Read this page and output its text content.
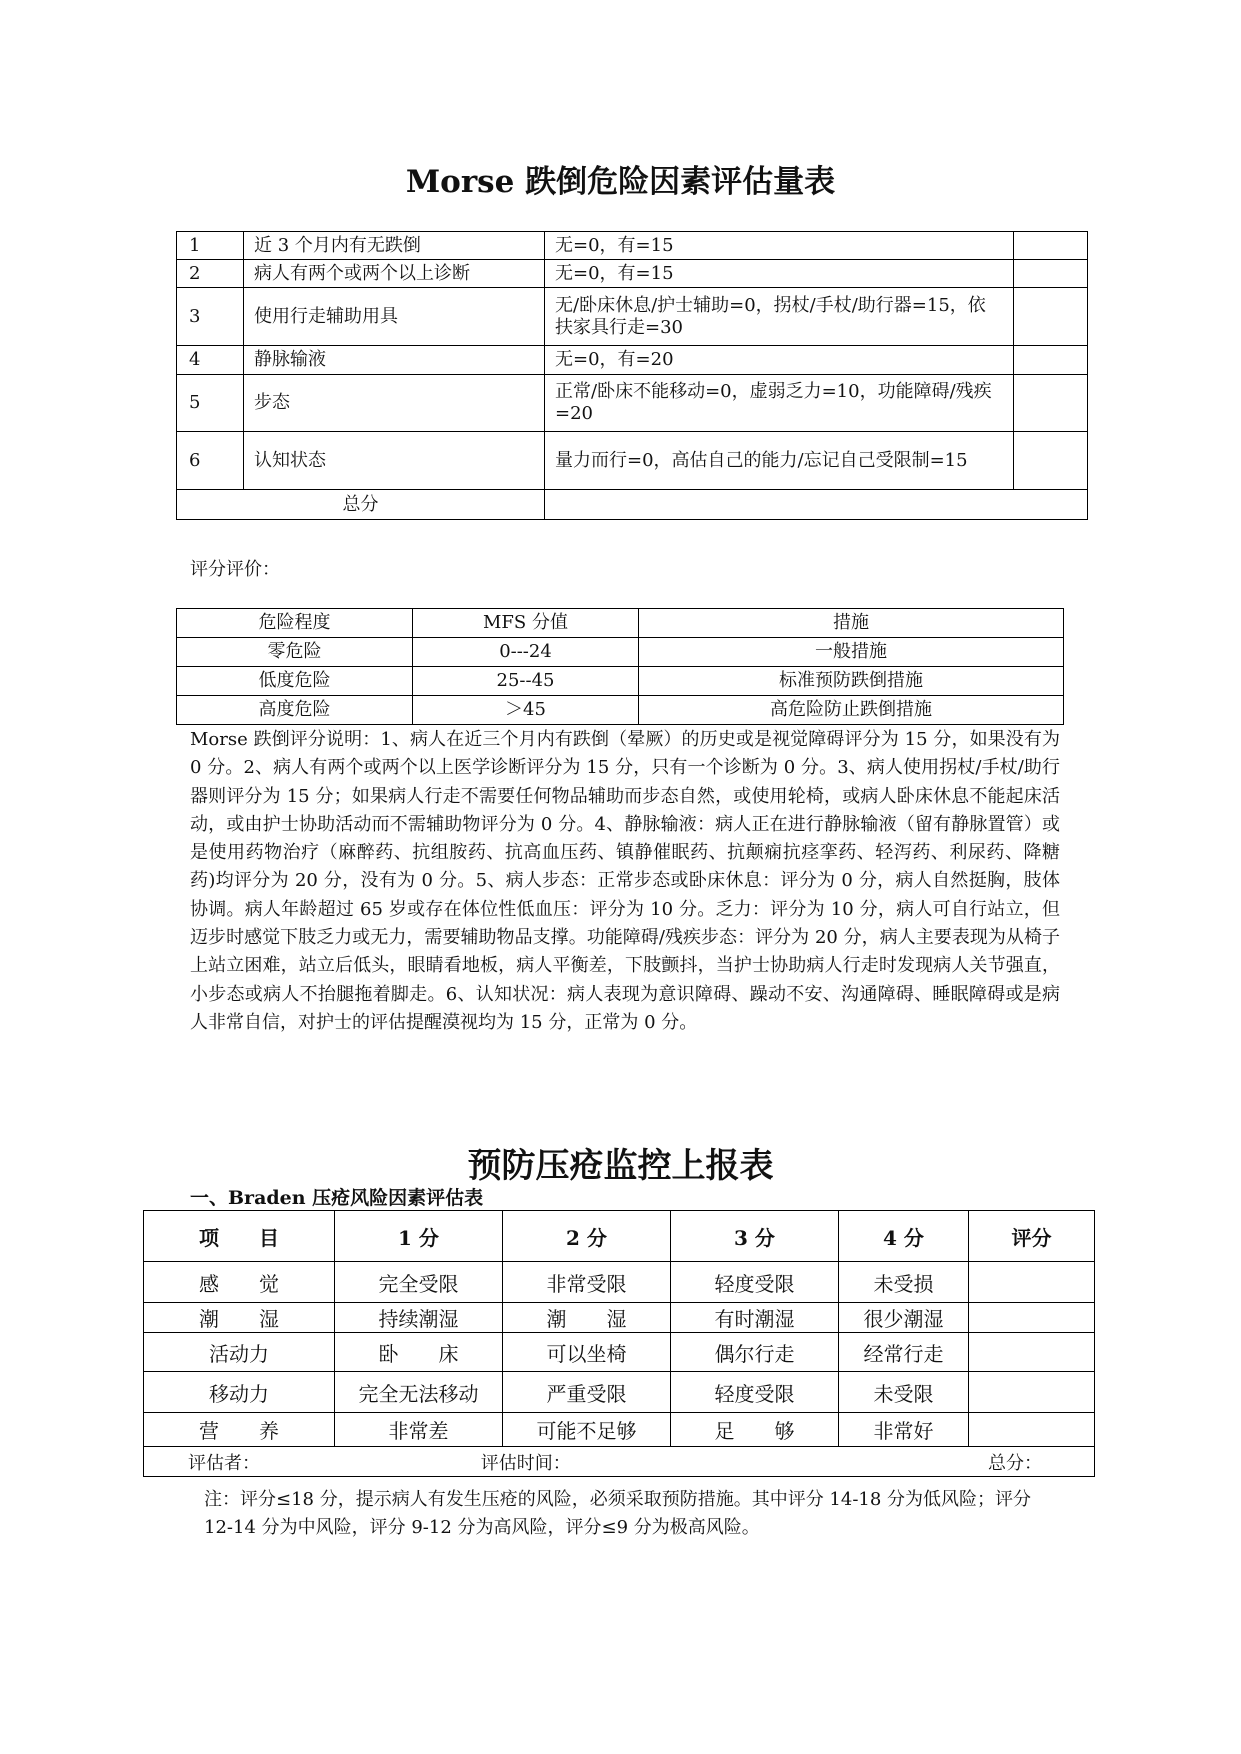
Morse 跌倒危险因素评估量表
1	近 3 个月内有无跌倒	无=0，有=15	
2	病人有两个或两个以上诊断	无=0，有=15	
3	使用行走辅助用具	无/卧床休息/护士辅助=0，拐杖/手杖/助行器=15，依扶家具行走=30	
4	静脉输液	无=0，有=20	
5	步态	正常/卧床不能移动=0，虚弱乏力=10，功能障碍/残疾=20	
6	认知状态	量力而行=0，高估自己的能力/忘记自己受限制=15	
总分			
评分评价：
危险程度	MFS 分值	措施
零危险	0---24	一般措施
低度危险	25--45	标准预防跌倒措施
高度危险	＞45	高危险防止跌倒措施
Morse 跌倒评分说明：1、病人在近三个月内有跌倒（晕厥）的历史或是视觉障碍评分为 15 分，如果没有为 0 分。2、病人有两个或两个以上医学诊断评分为 15 分，只有一个诊断为 0 分。3、病人使用拐杖/手杖/助行器则评分为 15 分；如果病人行走不需要任何物品辅助而步态自然，或使用轮椅，或病人卧床休息不能起床活动，或由护士协助活动而不需辅助物评分为 0 分。4、静脉输液：病人正在进行静脉输液（留有静脉置管）或是使用药物治疗（麻醉药、抗组胺药、抗高血压药、镇静催眠药、抗颠痫抗痉挛药、轻泻药、利尿药、降糖药)均评分为 20 分，没有为 0 分。5、病人步态：正常步态或卧床休息：评分为 0 分，病人自然挺胸，肢体协调。病人年龄超过 65 岁或存在体位性低血压：评分为 10 分。乏力：评分为 10 分，病人可自行站立，但迈步时感觉下肢乏力或无力，需要辅助物品支撑。功能障碍/残疾步态：评分为 20 分，病人主要表现为从椅子上站立困难，站立后低头，眼睛看地板，病人平衡差，下肢颤抖，当护士协助病人行走时发现病人关节强直，小步态或病人不抬腿拖着脚走。6、认知状况：病人表现为意识障碍、躁动不安、沟通障碍、睡眠障碍或是病人非常自信，对护士的评估提醒漠视均为 15 分，正常为 0 分。
预防压疮监控上报表
一、Braden 压疮风险因素评估表
项　　目	1 分	2 分	3 分	4 分	评分
感　　觉	完全受限	非常受限	轻度受限	未受损	
潮　　湿	持续潮湿	潮　　湿	有时潮湿	很少潮湿	
活动力	卧　　床	可以坐椅	偶尔行走	经常行走	
移动力	完全无法移动	严重受限	轻度受限	未受限	
营　　养	非常差	可能不足够	足　　够	非常好	
评估者： 评估时间： 总分：					
注：评分≤18 分，提示病人有发生压疮的风险，必须采取预防措施。其中评分 14-18 分为低风险；评分 12-14 分为中风险，评分 9-12 分为高风险，评分≤9 分为极高风险。
